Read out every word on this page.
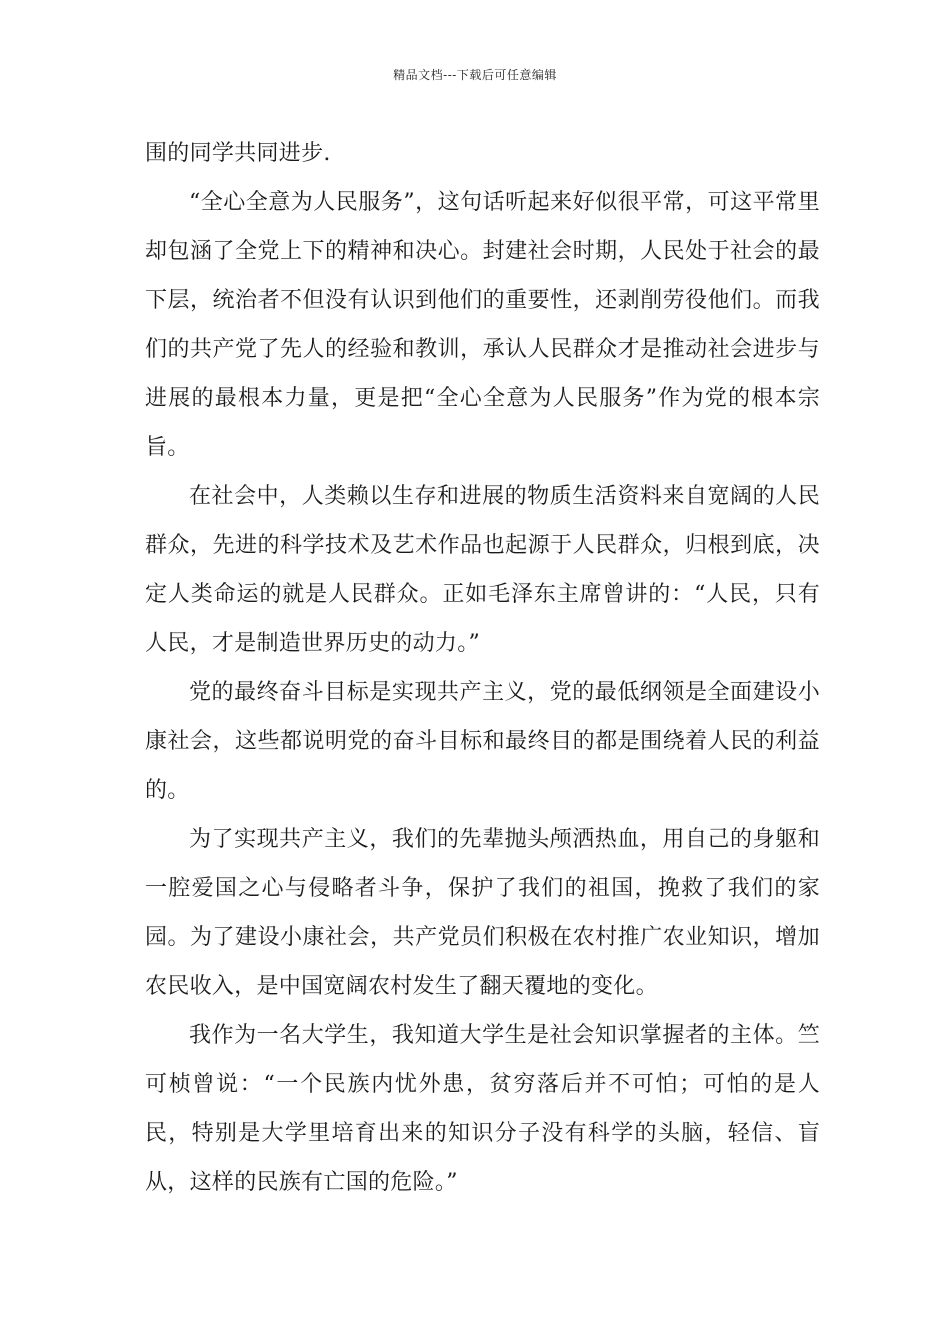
精品文档---下载后可任意编辑

围的同学共同进步.

“全心全意为人民服务”，这句话听起来好似很平常，可这平常里却包涵了全党上下的精神和决心。封建社会时期，人民处于社会的最下层，统治者不但没有认识到他们的重要性，还剥削劳役他们。而我们的共产党了先人的经验和教训，承认人民群众才是推动社会进步与进展的最根本力量，更是把“全心全意为人民服务”作为党的根本宗旨。

在社会中，人类赖以生存和进展的物质生活资料来自宽阔的人民群众，先进的科学技术及艺术作品也起源于人民群众，归根到底，决定人类命运的就是人民群众。正如毛泽东主席曾讲的：“人民，只有人民，才是制造世界历史的动力。”

党的最终奋斗目标是实现共产主义，党的最低纲领是全面建设小康社会，这些都说明党的奋斗目标和最终目的都是围绕着人民的利益的。

为了实现共产主义，我们的先辈抛头颅洒热血，用自己的身躯和一腔爱国之心与侵略者斗争，保护了我们的祖国，挽救了我们的家园。为了建设小康社会，共产党员们积极在农村推广农业知识，增加农民收入，是中国宽阔农村发生了翻天覆地的变化。

我作为一名大学生，我知道大学生是社会知识掌握者的主体。竺可桢曾说：“一个民族内忧外患，贫穷落后并不可怕；可怕的是人民，特别是大学里培育出来的知识分子没有科学的头脑，轻信、盲从，这样的民族有亡国的危险。”
